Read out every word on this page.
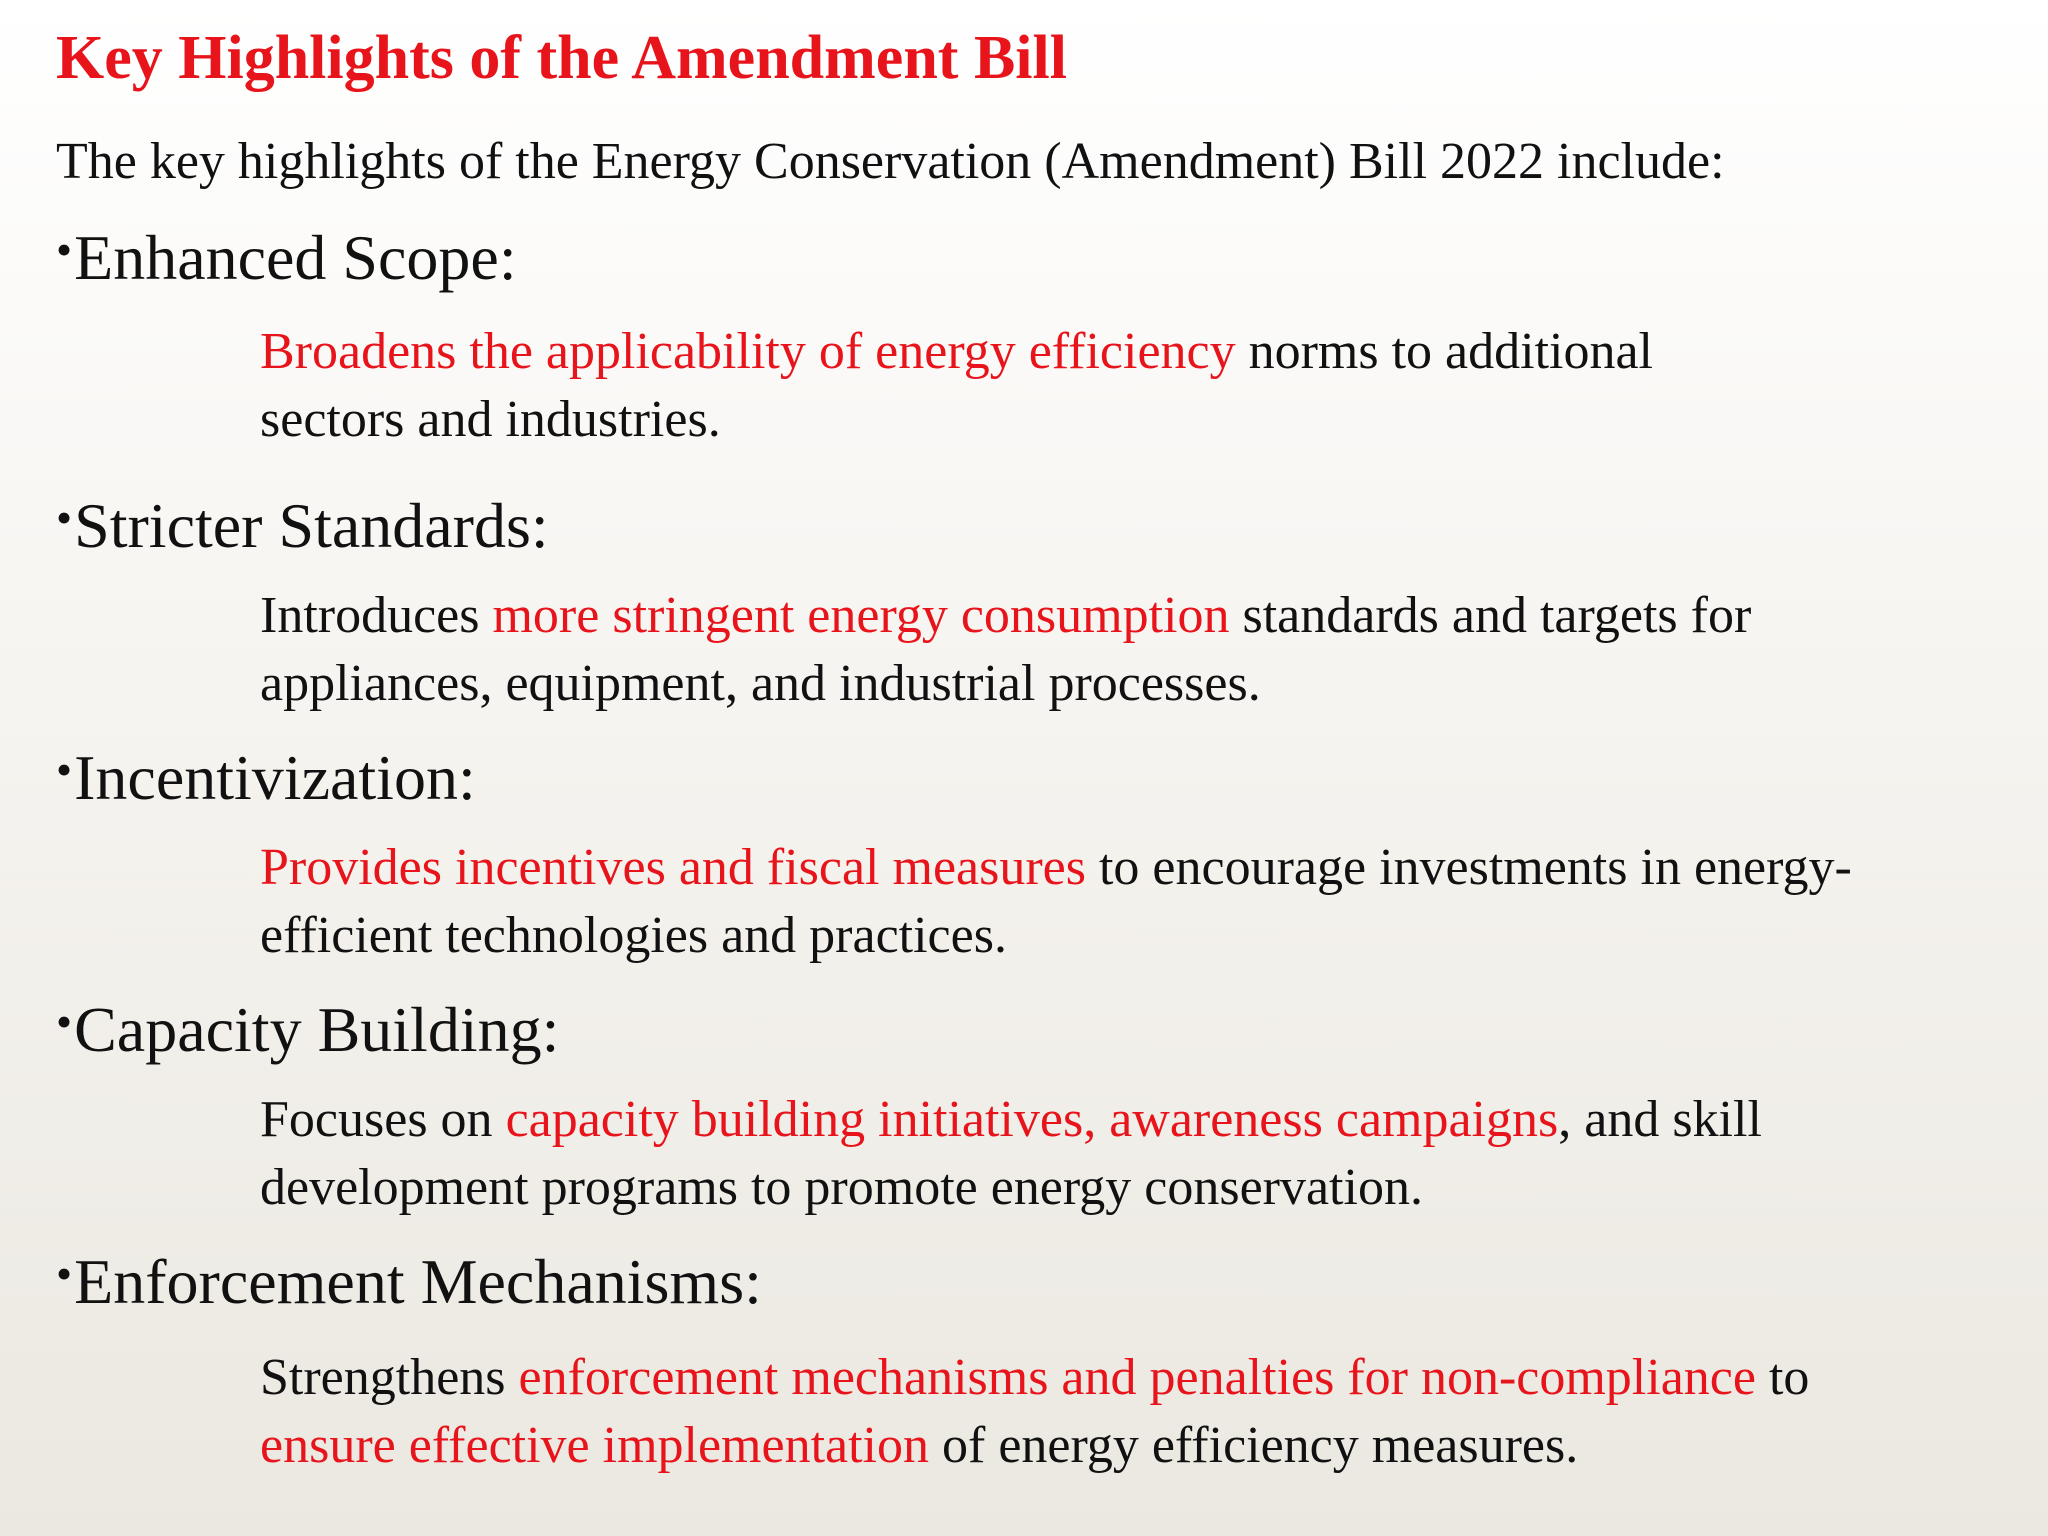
Key Highlights of the Amendment Bill
The key highlights of the Energy Conservation (Amendment) Bill 2022 include:
•Enhanced Scope:
Broadens the applicability of energy efficiency norms to additional
sectors and industries.
•Stricter Standards:
Introduces more stringent energy consumption standards and targets for
appliances, equipment, and industrial processes.
•Incentivization:
Provides incentives and fiscal measures to encourage investments in energy-
efficient technologies and practices.
•Capacity Building:
Focuses on capacity building initiatives, awareness campaigns, and skill
development programs to promote energy conservation.
•Enforcement Mechanisms:
Strengthens enforcement mechanisms and penalties for non-compliance to
ensure effective implementation of energy efficiency measures.
